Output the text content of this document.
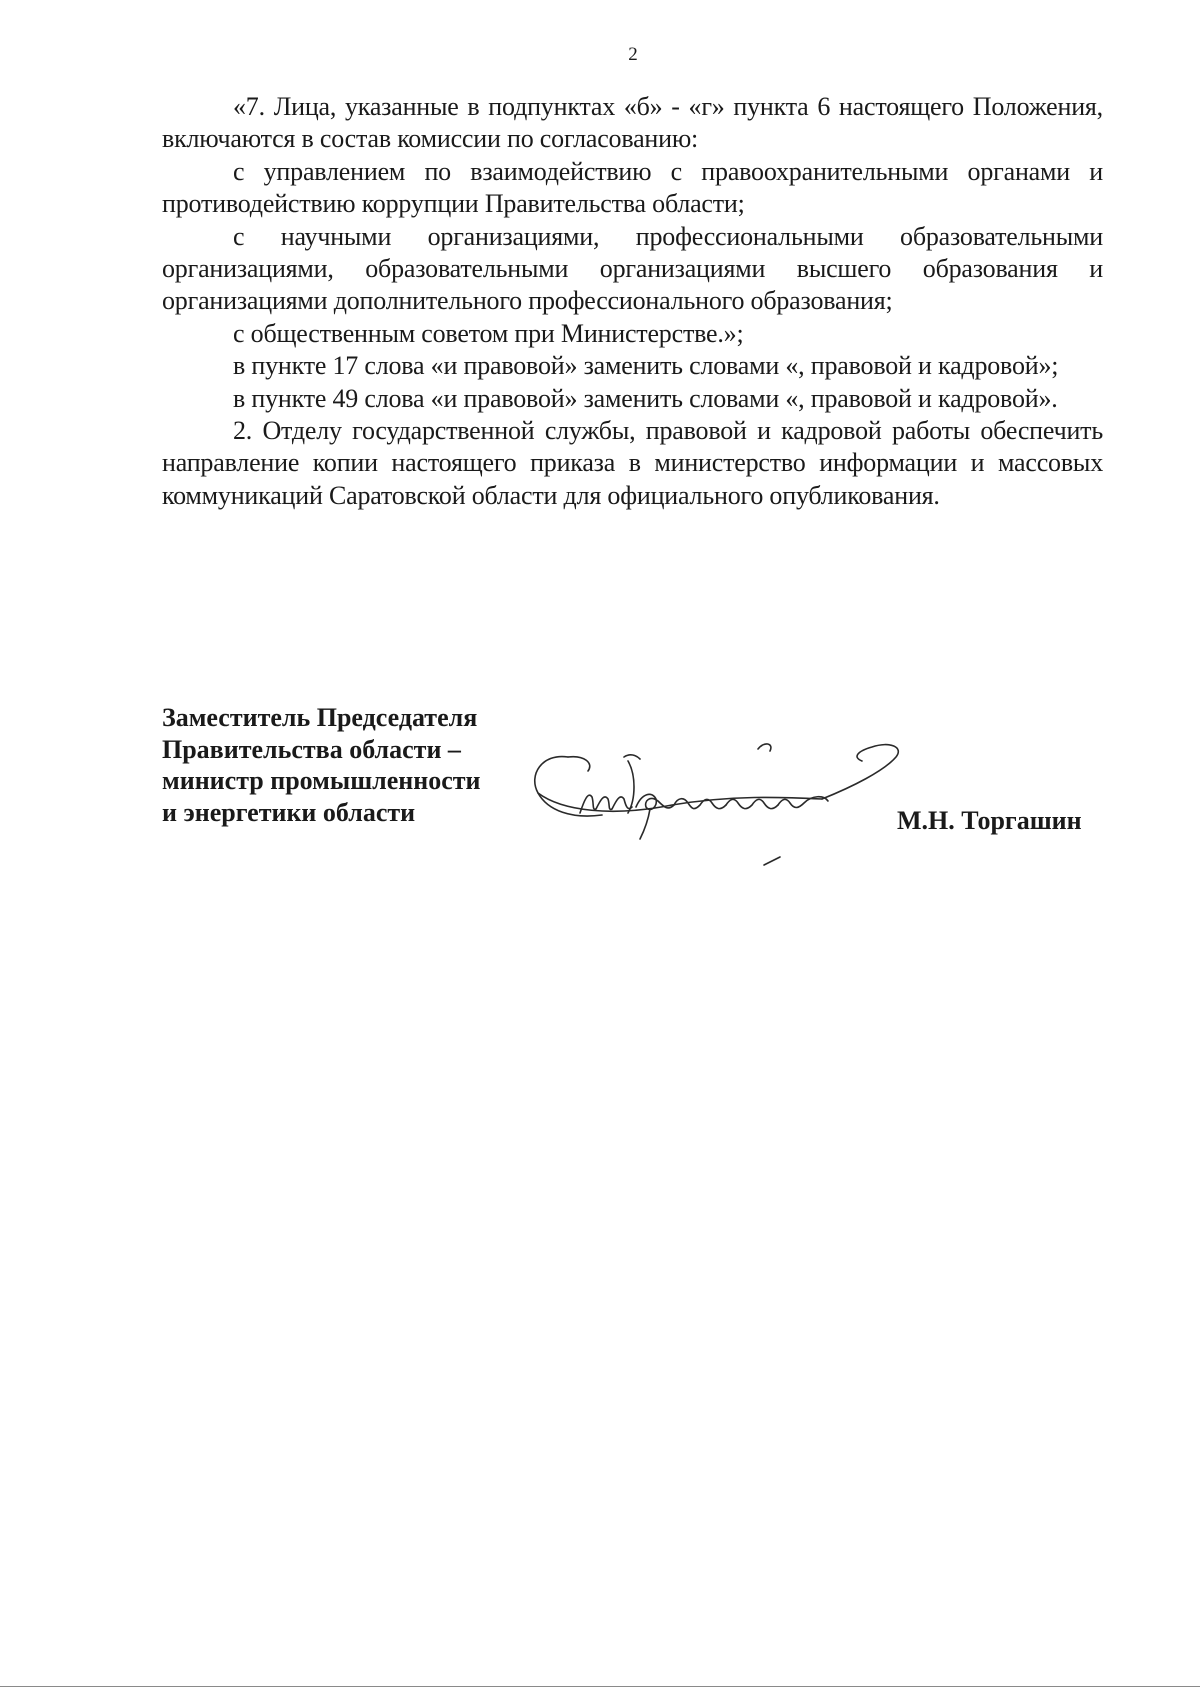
2

«7. Лица, указанные в подпунктах «б» - «г» пункта 6 настоящего Положения, включаются в состав комиссии по согласованию:

с управлением по взаимодействию с правоохранительными органами и противодействию коррупции Правительства области;

с научными организациями, профессиональными образовательными организациями, образовательными организациями высшего образования и организациями дополнительного профессионального образования;

с общественным советом при Министерстве.»;

в пункте 17 слова «и правовой» заменить словами «, правовой и кадровой»;

в пункте 49 слова «и правовой» заменить словами «, правовой и кадровой».

2. Отделу государственной службы, правовой и кадровой работы обеспечить направление копии настоящего приказа в министерство информации и массовых коммуникаций Саратовской области для официального опубликования.

Заместитель Председателя
Правительства области –
министр промышленности
и энергетики области	М.Н. Торгашин
